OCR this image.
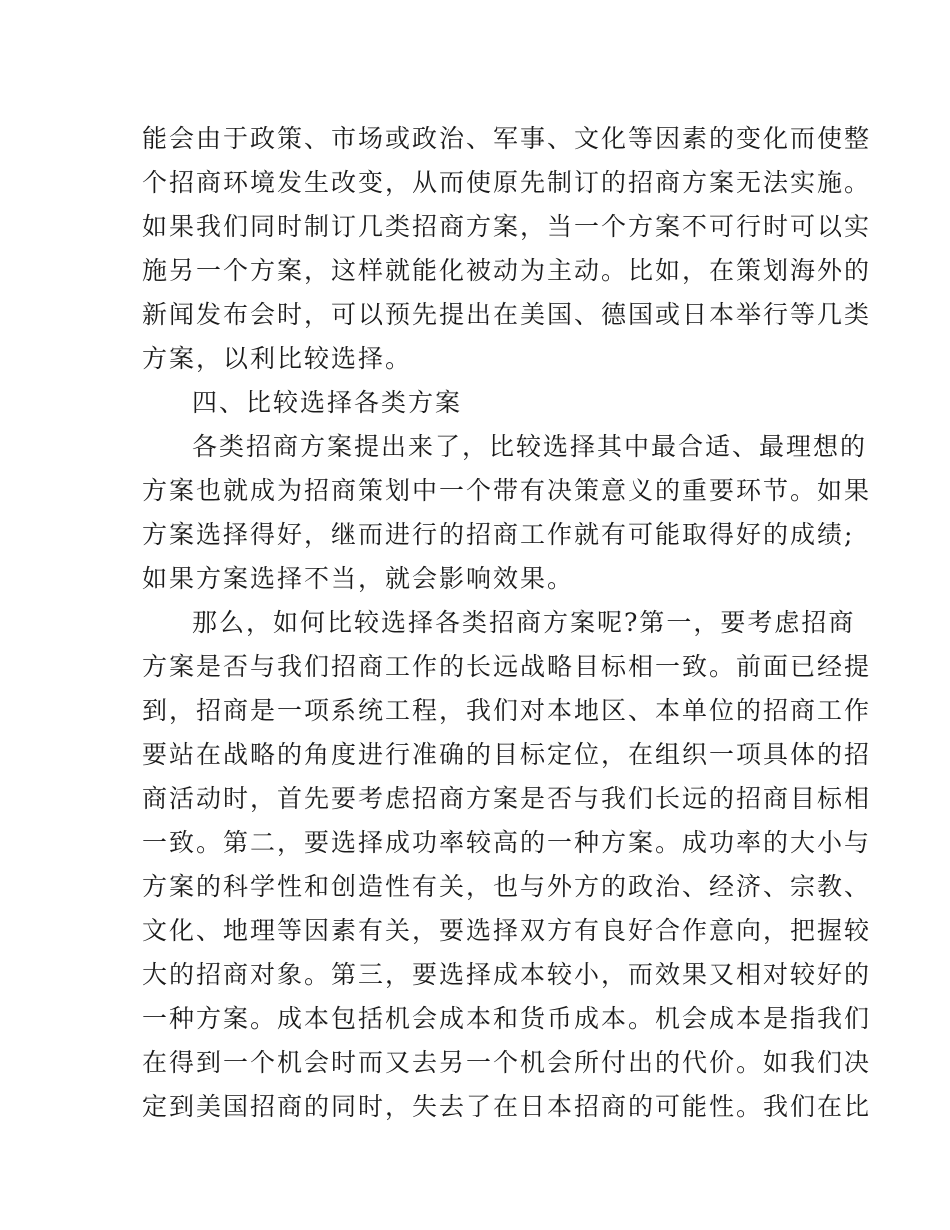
能会由于政策、市场或政治、军事、文化等因素的变化而使整
个招商环境发生改变，从而使原先制订的招商方案无法实施。
如果我们同时制订几类招商方案，当一个方案不可行时可以实
施另一个方案，这样就能化被动为主动。比如，在策划海外的
新闻发布会时，可以预先提出在美国、德国或日本举行等几类
方案，以利比较选择。
四、比较选择各类方案
各类招商方案提出来了，比较选择其中最合适、最理想的
方案也就成为招商策划中一个带有决策意义的重要环节。如果
方案选择得好，继而进行的招商工作就有可能取得好的成绩;
如果方案选择不当，就会影响效果。
那么，如何比较选择各类招商方案呢?第一，要考虑招商
方案是否与我们招商工作的长远战略目标相一致。前面已经提
到，招商是一项系统工程，我们对本地区、本单位的招商工作
要站在战略的角度进行准确的目标定位，在组织一项具体的招
商活动时，首先要考虑招商方案是否与我们长远的招商目标相
一致。第二，要选择成功率较高的一种方案。成功率的大小与
方案的科学性和创造性有关，也与外方的政治、经济、宗教、
文化、地理等因素有关，要选择双方有良好合作意向，把握较
大的招商对象。第三，要选择成本较小，而效果又相对较好的
一种方案。成本包括机会成本和货币成本。机会成本是指我们
在得到一个机会时而又去另一个机会所付出的代价。如我们决
定到美国招商的同时，失去了在日本招商的可能性。我们在比
